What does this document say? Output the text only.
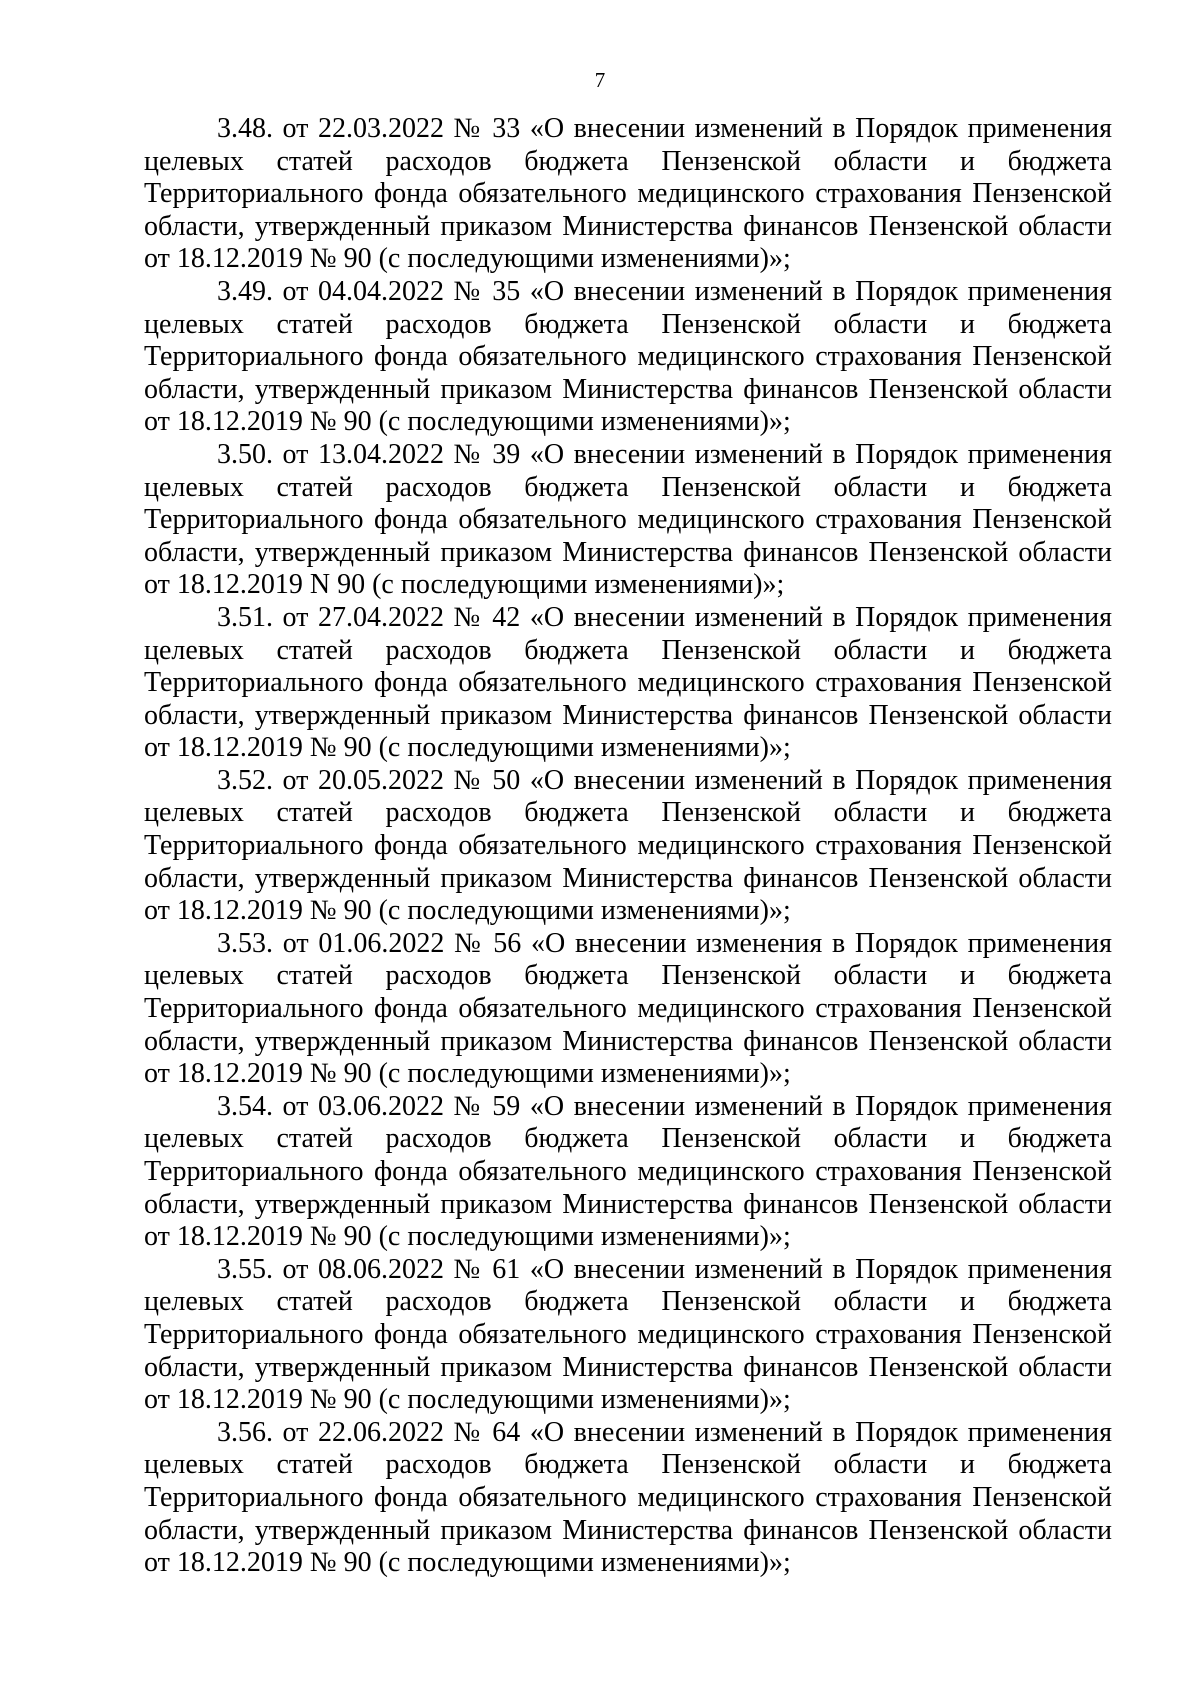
7

3.48. от 22.03.2022 № 33 «О внесении изменений в Порядок применения
целевых статей расходов бюджета Пензенской области и бюджета
Территориального фонда обязательного медицинского страхования Пензенской
области, утвержденный приказом Министерства финансов Пензенской области
от 18.12.2019 № 90 (с последующими изменениями)»;

3.49. от 04.04.2022 № 35 «О внесении изменений в Порядок применения
целевых статей расходов бюджета Пензенской области и бюджета
Территориального фонда обязательного медицинского страхования Пензенской
области, утвержденный приказом Министерства финансов Пензенской области
от 18.12.2019 № 90 (с последующими изменениями)»;

3.50. от 13.04.2022 № 39 «О внесении изменений в Порядок применения
целевых статей расходов бюджета Пензенской области и бюджета
Территориального фонда обязательного медицинского страхования Пензенской
области, утвержденный приказом Министерства финансов Пензенской области
от 18.12.2019 N 90 (с последующими изменениями)»;

3.51. от 27.04.2022 № 42 «О внесении изменений в Порядок применения
целевых статей расходов бюджета Пензенской области и бюджета
Территориального фонда обязательного медицинского страхования Пензенской
области, утвержденный приказом Министерства финансов Пензенской области
от 18.12.2019 № 90 (с последующими изменениями)»;

3.52. от 20.05.2022 № 50 «О внесении изменений в Порядок применения
целевых статей расходов бюджета Пензенской области и бюджета
Территориального фонда обязательного медицинского страхования Пензенской
области, утвержденный приказом Министерства финансов Пензенской области
от 18.12.2019 № 90 (с последующими изменениями)»;

3.53. от 01.06.2022 № 56 «О внесении изменения в Порядок применения
целевых статей расходов бюджета Пензенской области и бюджета
Территориального фонда обязательного медицинского страхования Пензенской
области, утвержденный приказом Министерства финансов Пензенской области
от 18.12.2019 № 90 (с последующими изменениями)»;

3.54. от 03.06.2022 № 59 «О внесении изменений в Порядок применения
целевых статей расходов бюджета Пензенской области и бюджета
Территориального фонда обязательного медицинского страхования Пензенской
области, утвержденный приказом Министерства финансов Пензенской области
от 18.12.2019 № 90 (с последующими изменениями)»;

3.55. от 08.06.2022 № 61 «О внесении изменений в Порядок применения
целевых статей расходов бюджета Пензенской области и бюджета
Территориального фонда обязательного медицинского страхования Пензенской
области, утвержденный приказом Министерства финансов Пензенской области
от 18.12.2019 № 90 (с последующими изменениями)»;

3.56. от 22.06.2022 № 64 «О внесении изменений в Порядок применения
целевых статей расходов бюджета Пензенской области и бюджета
Территориального фонда обязательного медицинского страхования Пензенской
области, утвержденный приказом Министерства финансов Пензенской области
от 18.12.2019 № 90 (с последующими изменениями)»;
